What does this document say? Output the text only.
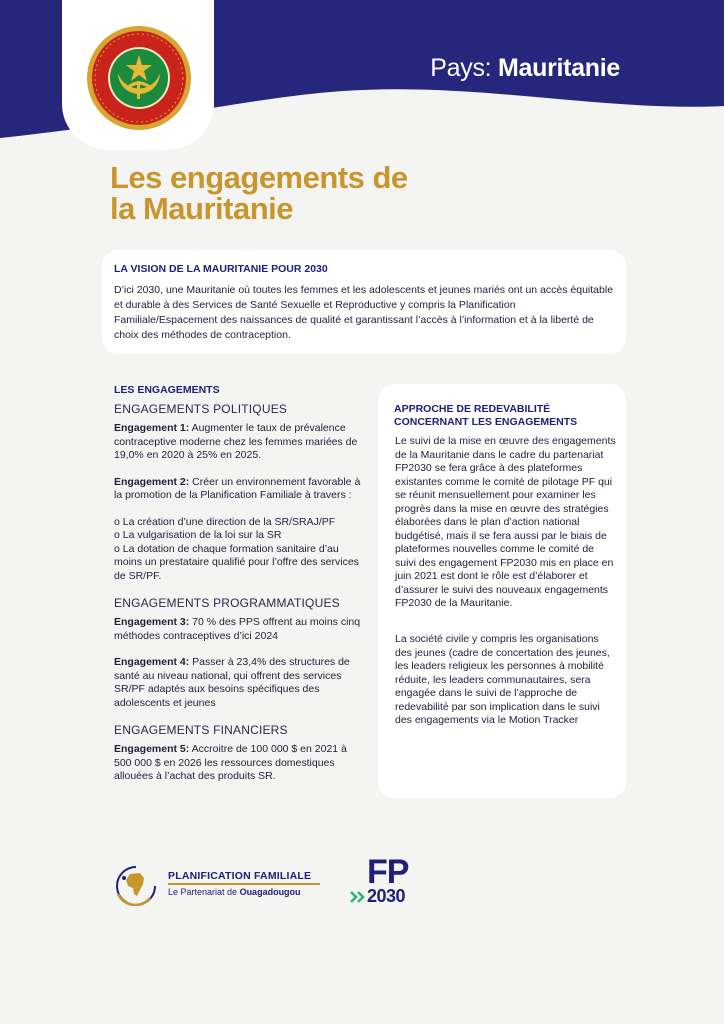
Pays: Mauritanie
Les engagements de
la Mauritanie
LA VISION DE LA MAURITANIE POUR 2030

D’ici 2030, une Mauritanie où toutes les femmes et les adolescents et jeunes mariés ont un accès équitable et durable à des Services de Santé Sexuelle et Reproductive y compris la Planification Familiale/Espacement des naissances de qualité et garantissant l’accès à l’information et à la liberté de choix des méthodes de contraception.

LES ENGAGEMENTS
ENGAGEMENTS POLITIQUES

Engagement 1: Augmenter le taux de prévalence contraceptive moderne chez les femmes mariées de 19,0% en 2020 à 25% en 2025.

Engagement 2: Créer un environnement favorable à la promotion de la Planification Familiale à travers :

o La création d’une direction de la SR/SRAJ/PF
o La vulgarisation de la loi sur la SR
o La dotation de chaque formation sanitaire d’au moins un prestataire qualifié pour l’offre des services de SR/PF.
ENGAGEMENTS PROGRAMMATIQUES

Engagement 3: 70 % des PPS offrent au moins cinq méthodes contraceptives d’ici 2024

Engagement 4: Passer à 23,4% des structures de santé au niveau national, qui offrent des services SR/PF adaptés aux besoins spécifiques des adolescents et jeunes

ENGAGEMENTS FINANCIERS

Engagement 5: Accroitre de 100 000 $ en 2021 à 500 000 $ en 2026 les ressources domestiques allouées à l’achat des produits SR.

APPROCHE DE REDEVABILITÉ CONCERNANT LES ENGAGEMENTS

Le suivi de la mise en œuvre des engagements de la Mauritanie dans le cadre du partenariat FP2030 se fera grâce à des plateformes existantes comme le comité de pilotage PF qui se réunit mensuellement pour examiner les progrès dans la mise en œuvre des stratégies élaborées dans le plan d’action national budgétisé, mais il se fera aussi par le biais de plateformes nouvelles comme le comité de suivi des engagement FP2030 mis en place en juin 2021 est dont le rôle est d’élaborer et d’assurer le suivi des nouveaux engagements FP2030 de la Mauritanie.

La société civile y compris les organisations des jeunes (cadre de concertation des jeunes, les leaders religieux les personnes à mobilité réduite, les leaders communautaires, sera engagée dans le suivi de l’approche de redevabilité par son implication dans le suivi des engagements via le Motion Tracker

PLANIFICATION FAMILIALE
Le Partenariat de Ouagadougou
FP
2030
